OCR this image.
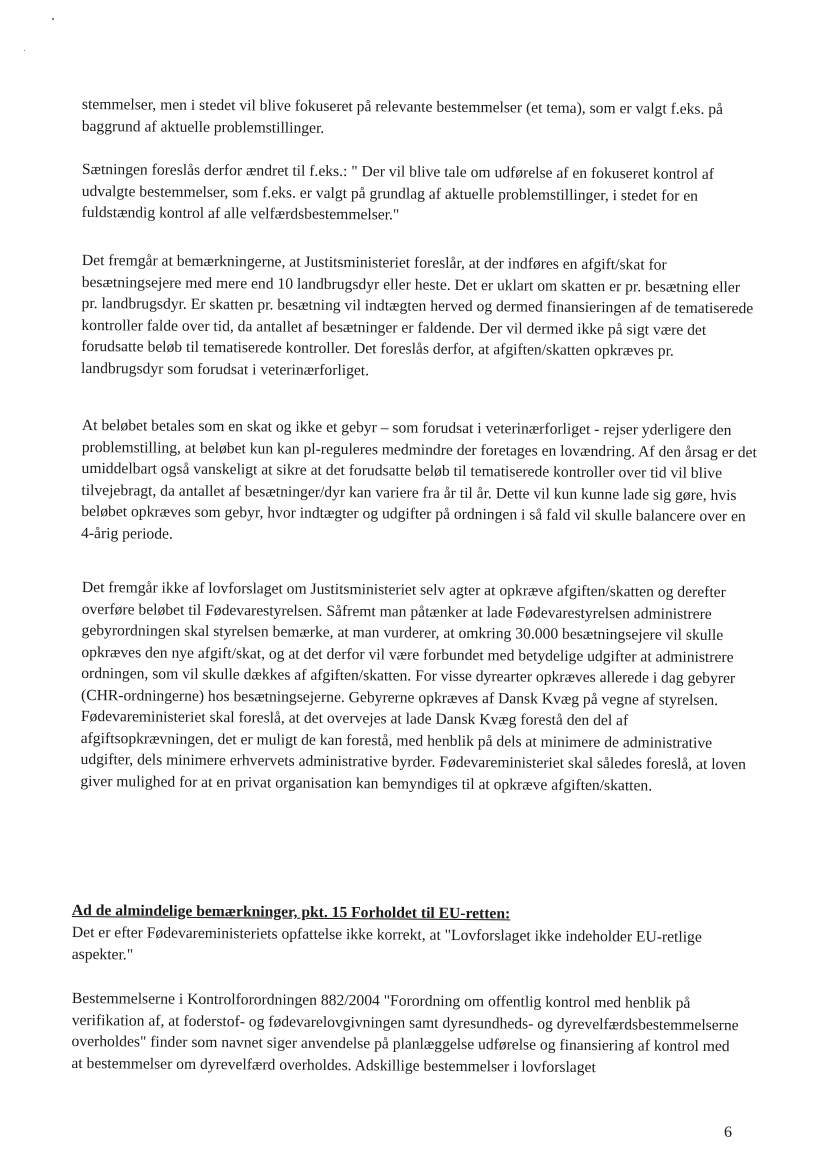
stemmelser, men i stedet vil blive fokuseret på relevante bestemmelser (et tema), som er valgt f.eks. på baggrund af aktuelle problemstillinger.

Sætningen foreslås derfor ændret til f.eks.: " Der vil blive tale om udførelse af en fokuseret kontrol af udvalgte bestemmelser, som f.eks. er valgt på grundlag af aktuelle problemstillinger, i stedet for en fuldstændig kontrol af alle velfærdsbestemmelser."

Det fremgår at bemærkningerne, at Justitsministeriet foreslår, at der indføres en afgift/skat for besætningsejere med mere end 10 landbrugsdyr eller heste. Det er uklart om skatten er pr. besætning eller pr. landbrugsdyr. Er skatten pr. besætning vil indtægten herved og dermed finansieringen af de tematiserede kontroller falde over tid, da antallet af besætninger er faldende. Der vil dermed ikke på sigt være det forudsatte beløb til tematiserede kontroller. Det foreslås derfor, at afgiften/skatten opkræves pr. landbrugsdyr som forudsat i veterinærforliget.

At beløbet betales som en skat og ikke et gebyr – som forudsat i veterinærforliget - rejser yderligere den problemstilling, at beløbet kun kan pl-reguleres medmindre der foretages en lovændring. Af den årsag er det umiddelbart også vanskeligt at sikre at det forudsatte beløb til tematiserede kontroller over tid vil blive tilvejebragt, da antallet af besætninger/dyr kan variere fra år til år. Dette vil kun kunne lade sig gøre, hvis beløbet opkræves som gebyr, hvor indtægter og udgifter på ordningen i så fald vil skulle balancere over en 4-årig periode.

Det fremgår ikke af lovforslaget om Justitsministeriet selv agter at opkræve afgiften/skatten og derefter overføre beløbet til Fødevarestyrelsen. Såfremt man påtænker at lade Fødevarestyrelsen administrere gebyrordningen skal styrelsen bemærke, at man vurderer, at omkring 30.000 besætningsejere vil skulle opkræves den nye afgift/skat, og at det derfor vil være forbundet med betydelige udgifter at administrere ordningen, som vil skulle dækkes af afgiften/skatten. For visse dyrearter opkræves allerede i dag gebyrer (CHR-ordningerne) hos besætningsejerne. Gebyrerne opkræves af Dansk Kvæg på vegne af styrelsen. Fødevareministeriet skal foreslå, at det overvejes at lade Dansk Kvæg forestå den del af afgiftsopkrævningen, det er muligt de kan forestå, med henblik på dels at minimere de administrative udgifter, dels minimere erhvervets administrative byrder. Fødevareministeriet skal således foreslå, at loven giver mulighed for at en privat organisation kan bemyndiges til at opkræve afgiften/skatten.

Ad de almindelige bemærkninger, pkt. 15 Forholdet til EU-retten:

Det er efter Fødevareministeriets opfattelse ikke korrekt, at "Lovforslaget ikke indeholder EU-retlige aspekter."

Bestemmelserne i Kontrolforordningen 882/2004 "Forordning om offentlig kontrol med henblik på verifikation af, at foderstof- og fødevarelovgivningen samt dyresundheds- og dyrevelfærdsbestemmelserne overholdes" finder som navnet siger anvendelse på planlæggelse udførelse og finansiering af kontrol med at bestemmelser om dyrevelfærd overholdes. Adskillige bestemmelser i lovforslaget

6
